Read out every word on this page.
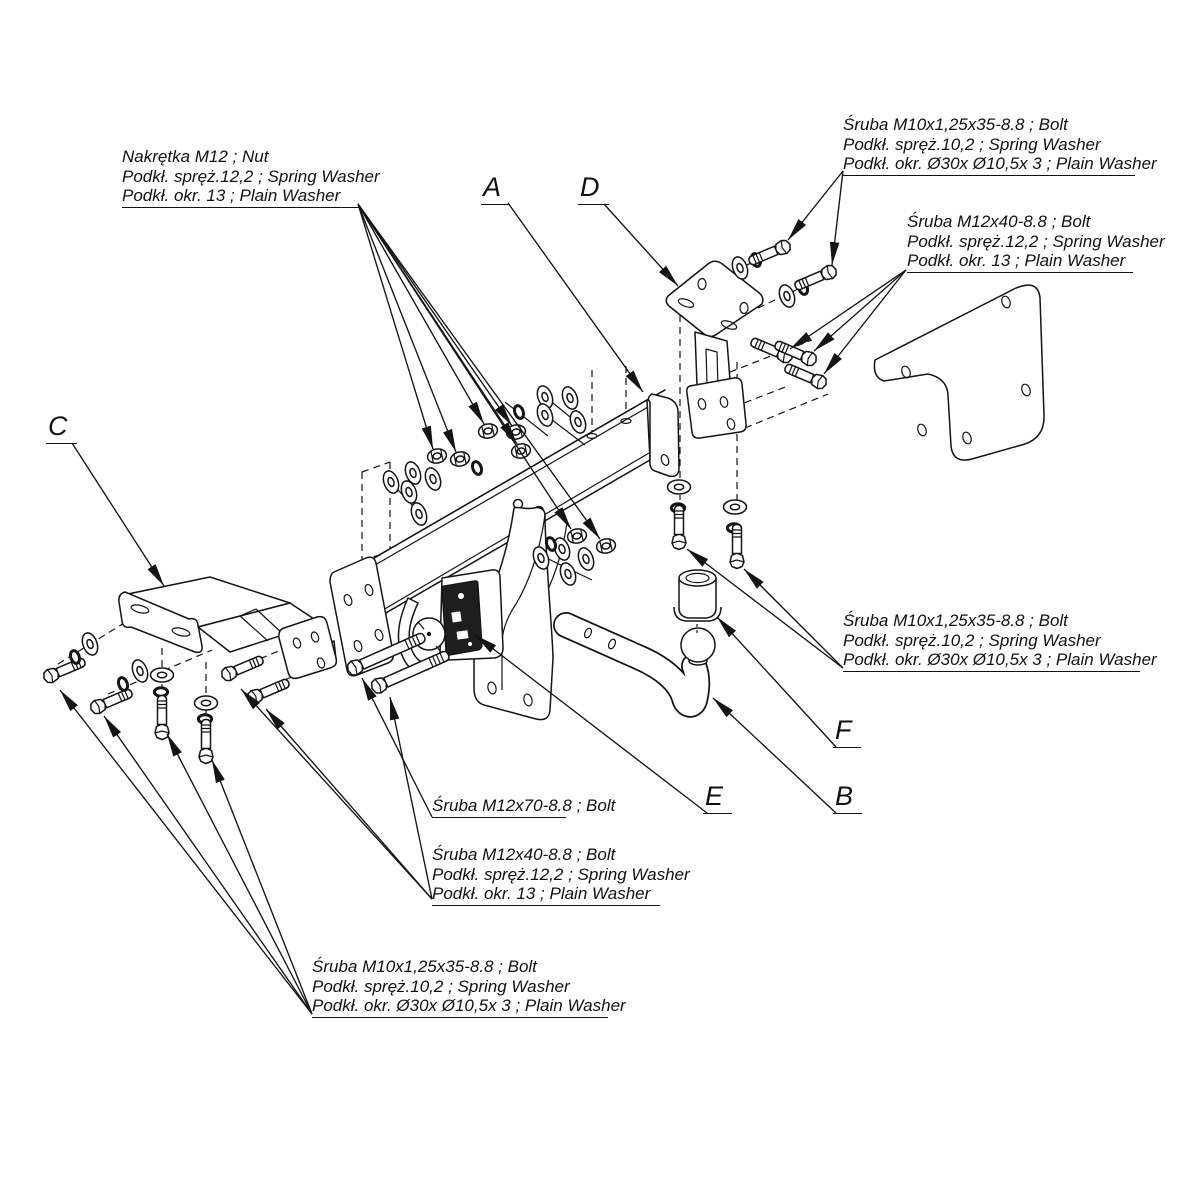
Nakrętka M12 ; Nut
Podkł. spręż.12,2 ; Spring Washer
Podkł. okr. 13 ; Plain Washer
Śruba M10x1,25x35-8.8 ; Bolt
Podkł. spręż.10,2 ; Spring Washer
Podkł. okr. Ø30x Ø10,5x 3 ; Plain Washer
Śruba M12x40-8.8 ; Bolt
Podkł. spręż.12,2 ; Spring Washer
Podkł. okr. 13 ; Plain Washer
Śruba M10x1,25x35-8.8 ; Bolt
Podkł. spręż.10,2 ; Spring Washer
Podkł. okr. Ø30x Ø10,5x 3 ; Plain Washer
Śruba M12x70-8.8 ; Bolt
Śruba M12x40-8.8 ; Bolt
Podkł. spręż.12,2 ; Spring Washer
Podkł. okr. 13 ; Plain Washer
Śruba M10x1,25x35-8.8 ; Bolt
Podkł. spręż.10,2 ; Spring Washer
Podkł. okr. Ø30x Ø10,5x 3 ; Plain Washer
A	D
C
F
E	B
